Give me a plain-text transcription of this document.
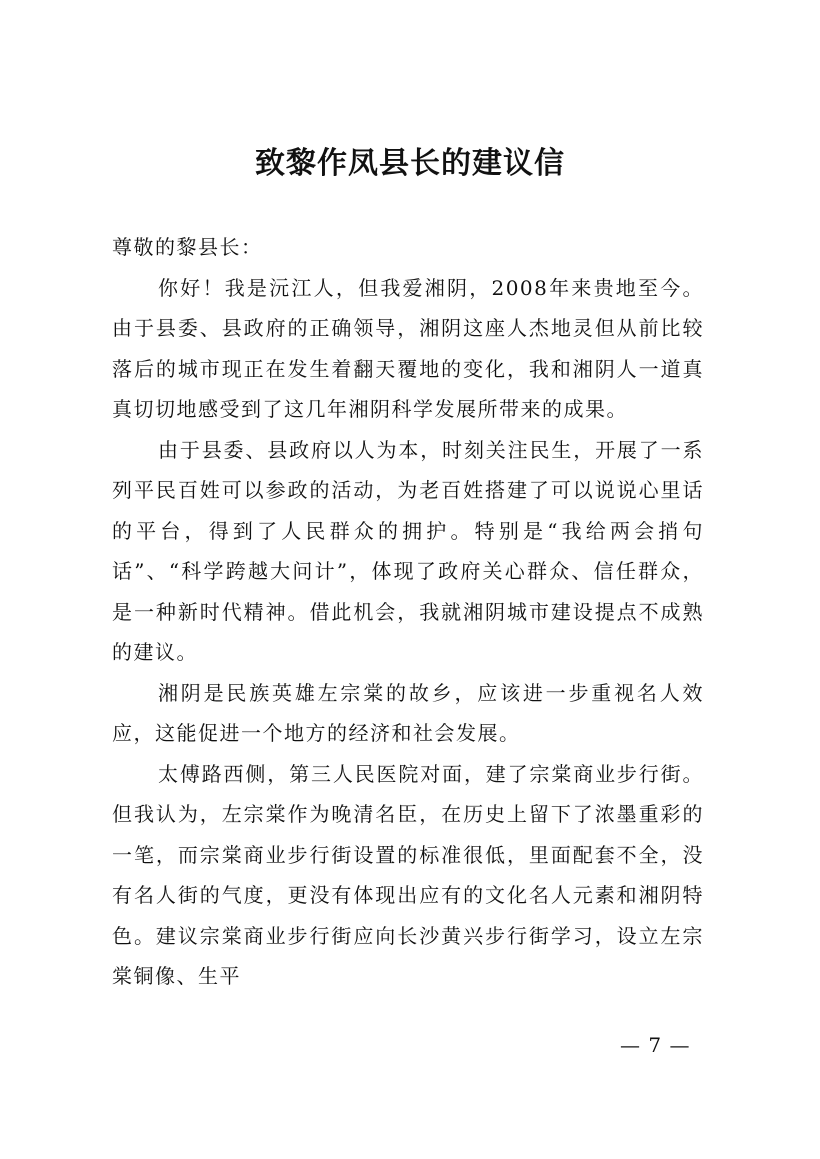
致黎作凤县长的建议信

尊敬的黎县长：

你好！我是沅江人，但我爱湘阴，2008年来贵地至今。由于县委、县政府的正确领导，湘阴这座人杰地灵但从前比较落后的城市现正在发生着翻天覆地的变化，我和湘阴人一道真真切切地感受到了这几年湘阴科学发展所带来的成果。

由于县委、县政府以人为本，时刻关注民生，开展了一系列平民百姓可以参政的活动，为老百姓搭建了可以说说心里话的平台，得到了人民群众的拥护。特别是“我给两会捎句话”、“科学跨越大问计”，体现了政府关心群众、信任群众，是一种新时代精神。借此机会，我就湘阴城市建设提点不成熟的建议。

湘阴是民族英雄左宗棠的故乡，应该进一步重视名人效应，这能促进一个地方的经济和社会发展。

太傅路西侧，第三人民医院对面，建了宗棠商业步行街。但我认为，左宗棠作为晚清名臣，在历史上留下了浓墨重彩的一笔，而宗棠商业步行街设置的标准很低，里面配套不全，没有名人街的气度，更没有体现出应有的文化名人元素和湘阴特色。建议宗棠商业步行街应向长沙黄兴步行街学习，设立左宗棠铜像、生平

— 7 —
